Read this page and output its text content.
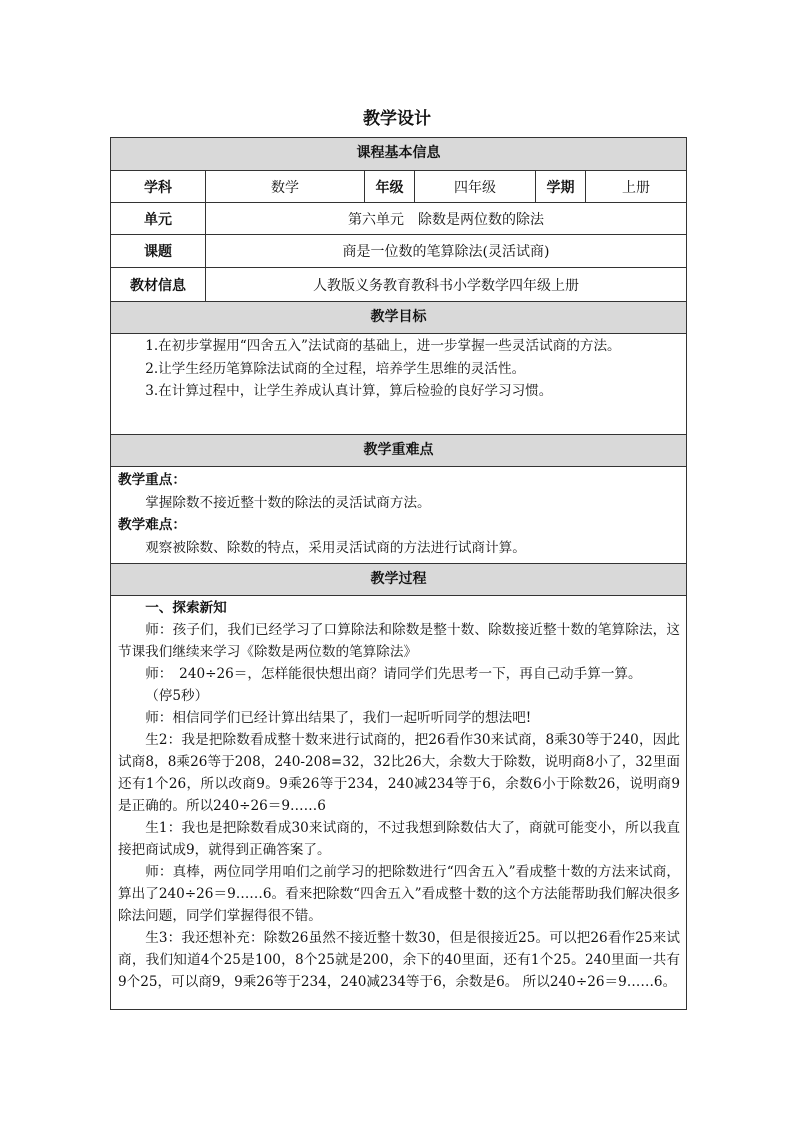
教学设计
课程基本信息
学科	数学	年级	四年级	学期	上册
单元	第六单元　除数是两位数的除法
课题	商是一位数的笔算除法(灵活试商)
教材信息	人教版义务教育教科书小学数学四年级上册
教学目标

1.在初步掌握用“四舍五入”法试商的基础上，进一步掌握一些灵活试商的方法。

2.让学生经历笔算除法试商的全过程，培养学生思维的灵活性。

3.在计算过程中，让学生养成认真计算，算后检验的良好学习习惯。

教学重难点

教学重点：

掌握除数不接近整十数的除法的灵活试商方法。

教学难点：

观察被除数、除数的特点，采用灵活试商的方法进行试商计算。

教学过程

一、探索新知

师：孩子们，我们已经学习了口算除法和除数是整十数、除数接近整十数的笔算除法，这节课我们继续来学习《除数是两位数的笔算除法》

师：　240÷26＝，怎样能很快想出商？请同学们先思考一下，再自己动手算一算。

（停5秒）

师：相信同学们已经计算出结果了，我们一起听听同学的想法吧!

生2：我是把除数看成整十数来进行试商的，把26看作30来试商，8乘30等于240，因此试商8，8乘26等于208，240-208=32，32比26大，余数大于除数，说明商8小了，32里面还有1个26，所以改商9。9乘26等于234，240减234等于6，余数6小于除数26，说明商9是正确的。所以240÷26＝9……6

生1：我也是把除数看成30来试商的，不过我想到除数估大了，商就可能变小，所以我直接把商试成9，就得到正确答案了。

师：真棒，两位同学用咱们之前学习的把除数进行“四舍五入”看成整十数的方法来试商，算出了240÷26＝9……6。看来把除数“四舍五入”看成整十数的这个方法能帮助我们解决很多除法问题，同学们掌握得很不错。

生3：我还想补充：除数26虽然不接近整十数30，但是很接近25。可以把26看作25来试商，我们知道4个25是100，8个25就是200，余下的40里面，还有1个25。240里面一共有9个25，可以商9，9乘26等于234，240减234等于6，余数是6。 所以240÷26＝9……6。
